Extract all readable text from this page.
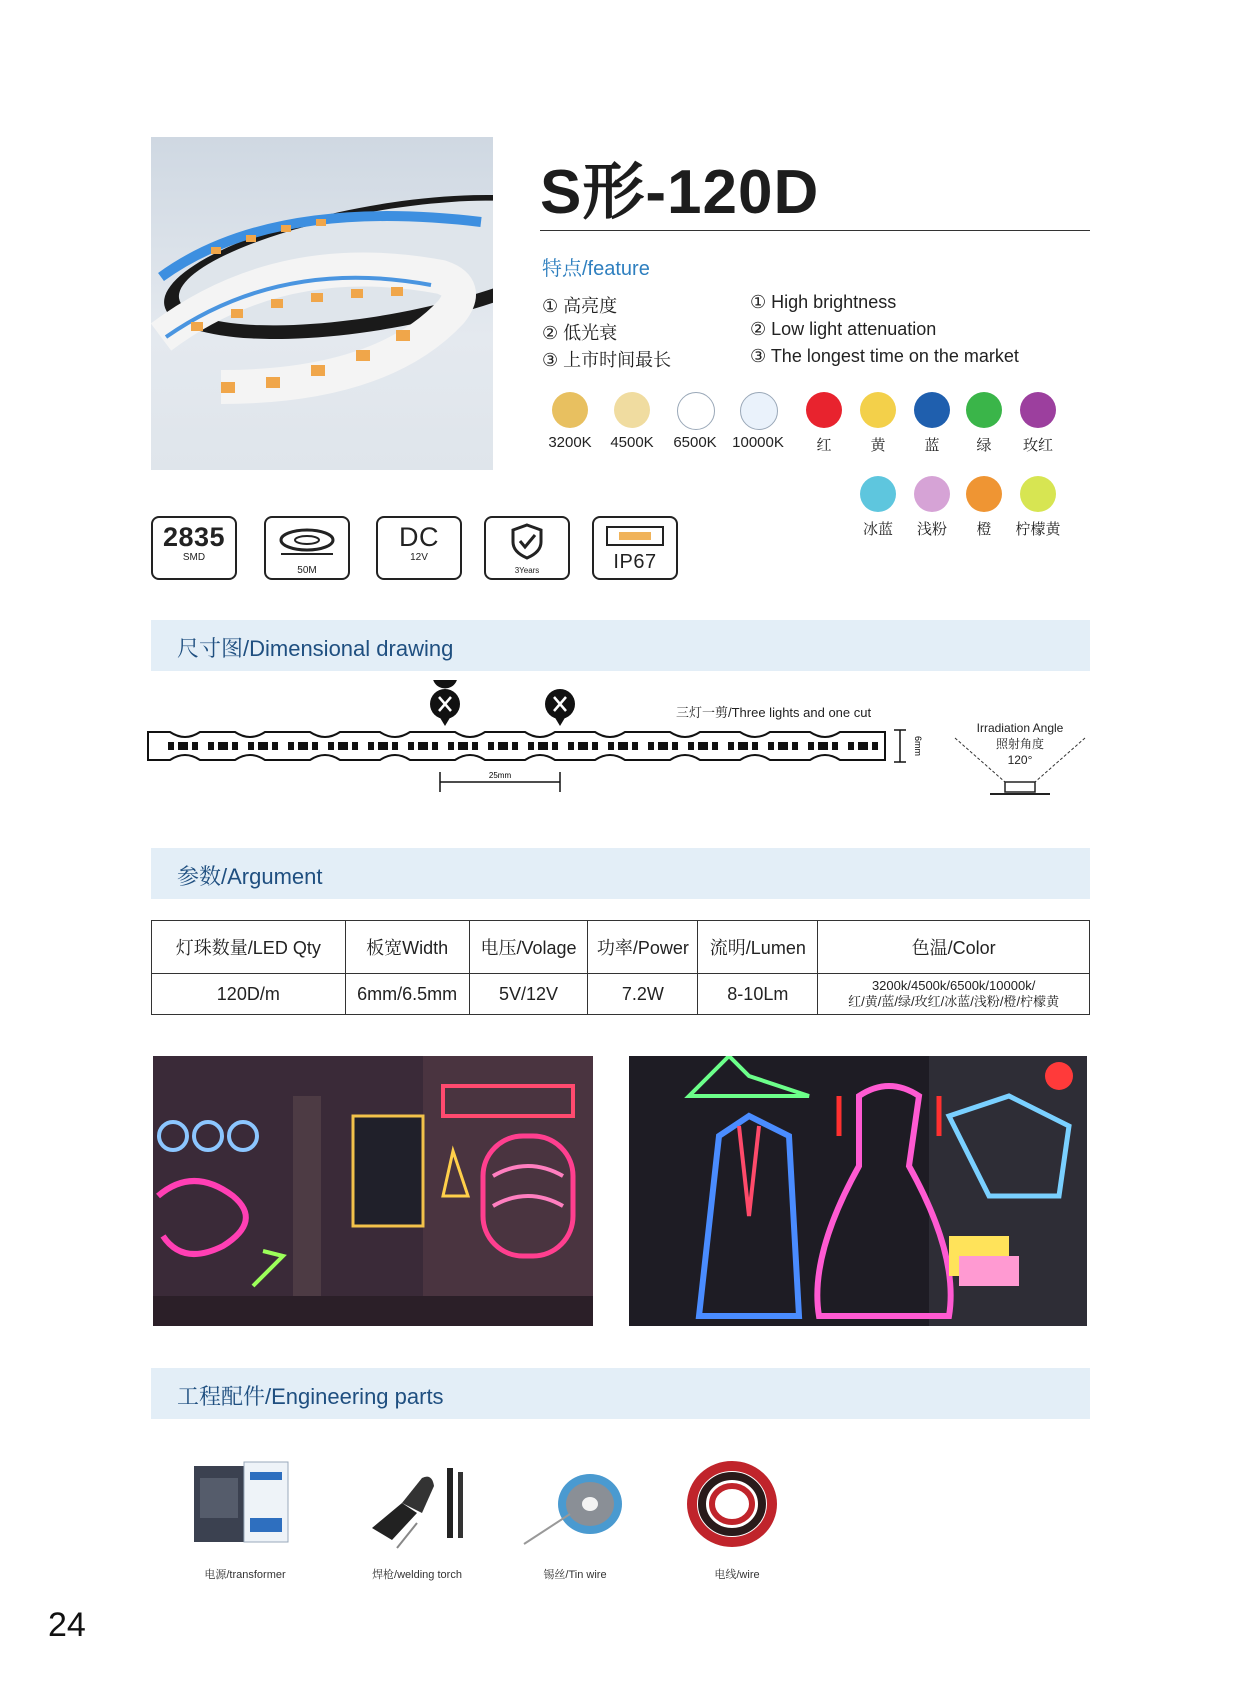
S形-120D
特点/feature
① 高亮度
② 低光衰
③ 上市时间最长
① High brightness
② Low light attenuation
③ The longest time on the market
3200K	4500K	6500K	10000K	红	黄	蓝	绿	玫红
冰蓝	浅粉	橙	柠檬黄
2835
SMD
50M
DC
12V
3Years	IP67
尺寸图/Dimensional drawing
6mm
25mm
三灯一剪/Three lights and one cut
Irradiation Angle
照射角度
120°
参数/Argument
灯珠数量/LED Qty	板宽Width	电压/Volage	功率/Power	流明/Lumen	色温/Color
120D/m	6mm/6.5mm	5V/12V	7.2W	8-10Lm	3200k/4500k/6500k/10000k/
红/黄/蓝/绿/玫红/冰蓝/浅粉/橙/柠檬黄
工程配件/Engineering parts
电源/transformer	焊枪/welding torch	锡丝/Tin wire	电线/wire
24
